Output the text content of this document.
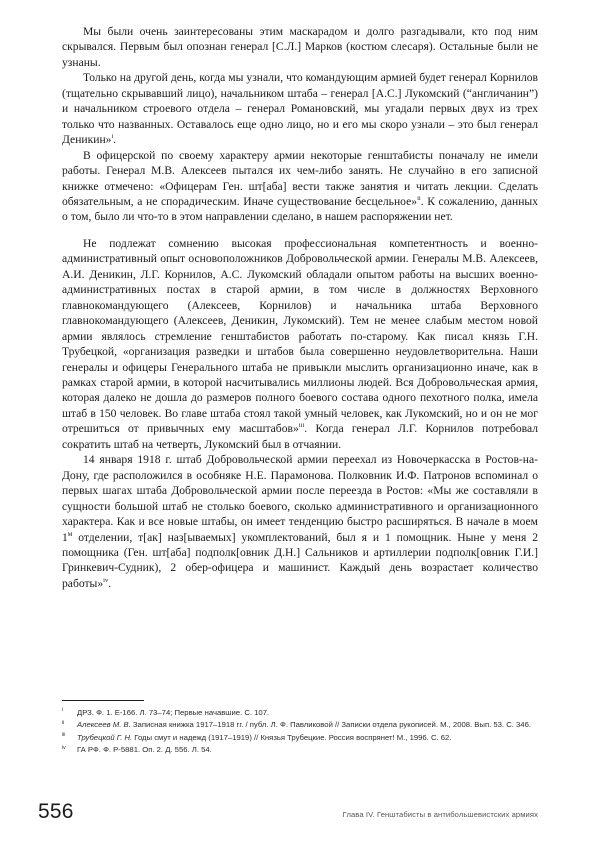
Мы были очень заинтересованы этим маскарадом и долго разгадывали, кто под ним скрывался. Первым был опознан генерал [С.Л.] Марков (костюм слесаря). Остальные были не узнаны.

Только на другой день, когда мы узнали, что командующим армией будет генерал Корнилов (тщательно скрывавший лицо), начальником штаба – генерал [А.С.] Лукомский (“англичанин”) и начальником строевого отдела – генерал Романовский, мы угадали первых двух из трех только что названных. Оставалось еще одно лицо, но и его мы скоро узнали – это был генерал Деникин»$^i$.

В офицерской по своему характеру армии некоторые генштабисты поначалу не имели работы. Генерал М.В. Алексеев пытался их чем-либо занять. Не случайно в его записной книжке отмечено: «Офицерам Ген. шт[аба] вести также занятия и читать лекции. Сделать обязательным, а не спорадическим. Иначе существование бесцельное»$^{ii}$. К сожалению, данных о том, было ли что-то в этом направлении сделано, в нашем распоряжении нет.

Не подлежат сомнению высокая профессиональная компетентность и военно-административный опыт основоположников Добровольческой армии. Генералы М.В. Алексеев, А.И. Деникин, Л.Г. Корнилов, А.С. Лукомский обладали опытом работы на высших военно-административных постах в старой армии, в том числе в должностях Верховного главнокомандующего (Алексеев, Корнилов) и начальника штаба Верховного главнокомандующего (Алексеев, Деникин, Лукомский). Тем не менее слабым местом новой армии являлось стремление генштабистов работать по-старому. Как писал князь Г.Н. Трубецкой, «организация разведки и штабов была совершенно неудовлетворительна. Наши генералы и офицеры Генерального штаба не привыкли мыслить организационно иначе, как в рамках старой армии, в которой насчитывались миллионы людей. Вся Добровольческая армия, которая далеко не дошла до размеров полного боевого состава одного пехотного полка, имела штаб в 150 человек. Во главе штаба стоял такой умный человек, как Лукомский, но и он не мог отрешиться от привычных ему масштабов»$^{iii}$. Когда генерал Л.Г. Корнилов потребовал сократить штаб на четверть, Лукомский был в отчаянии.

14 января 1918 г. штаб Добровольческой армии переехал из Новочеркасска в Ростов-на-Дону, где расположился в особняке Н.Е. Парамонова. Полковник И.Ф. Патронов вспоминал о первых шагах штаба Добровольческой армии после переезда в Ростов: «Мы же составляли в сущности большой штаб не столько боевого, сколько административного и организационного характера. Как и все новые штабы, он имеет тенденцию быстро расширяться. В начале в моем $1^м$ отделении, т[ак] наз[ываемых] укомплектований, был я и 1 помощник. Ныне у меня 2 помощника (Ген. шт[аба] подполк[овник Д.Н.] Сальников и артиллерии подполк[овник Г.И.] Гринкевич-Судник), 2 обер-офицера и машинист. Каждый день возрастает количество работы»$^{iv}$.

i ДРЗ. Ф. 1. Е-166. Л. 73–74; Первые начавшие. С. 107.
ii Алексеев М. В. Записная книжка 1917–1918 гг. / публ. Л. Ф. Павликовой // Записки отдела рукописей. М., 2008. Вып. 53. С. 346.
iii Трубецкой Г. Н. Годы смут и надежд (1917–1919) // Князья Трубецкие. Россия воспрянет! М., 1996. С. 62.
iv ГА РФ. Ф. Р-5881. Оп. 2. Д. 556. Л. 54.
556	Глава IV. Генштабисты в антибольшевистских армиях
